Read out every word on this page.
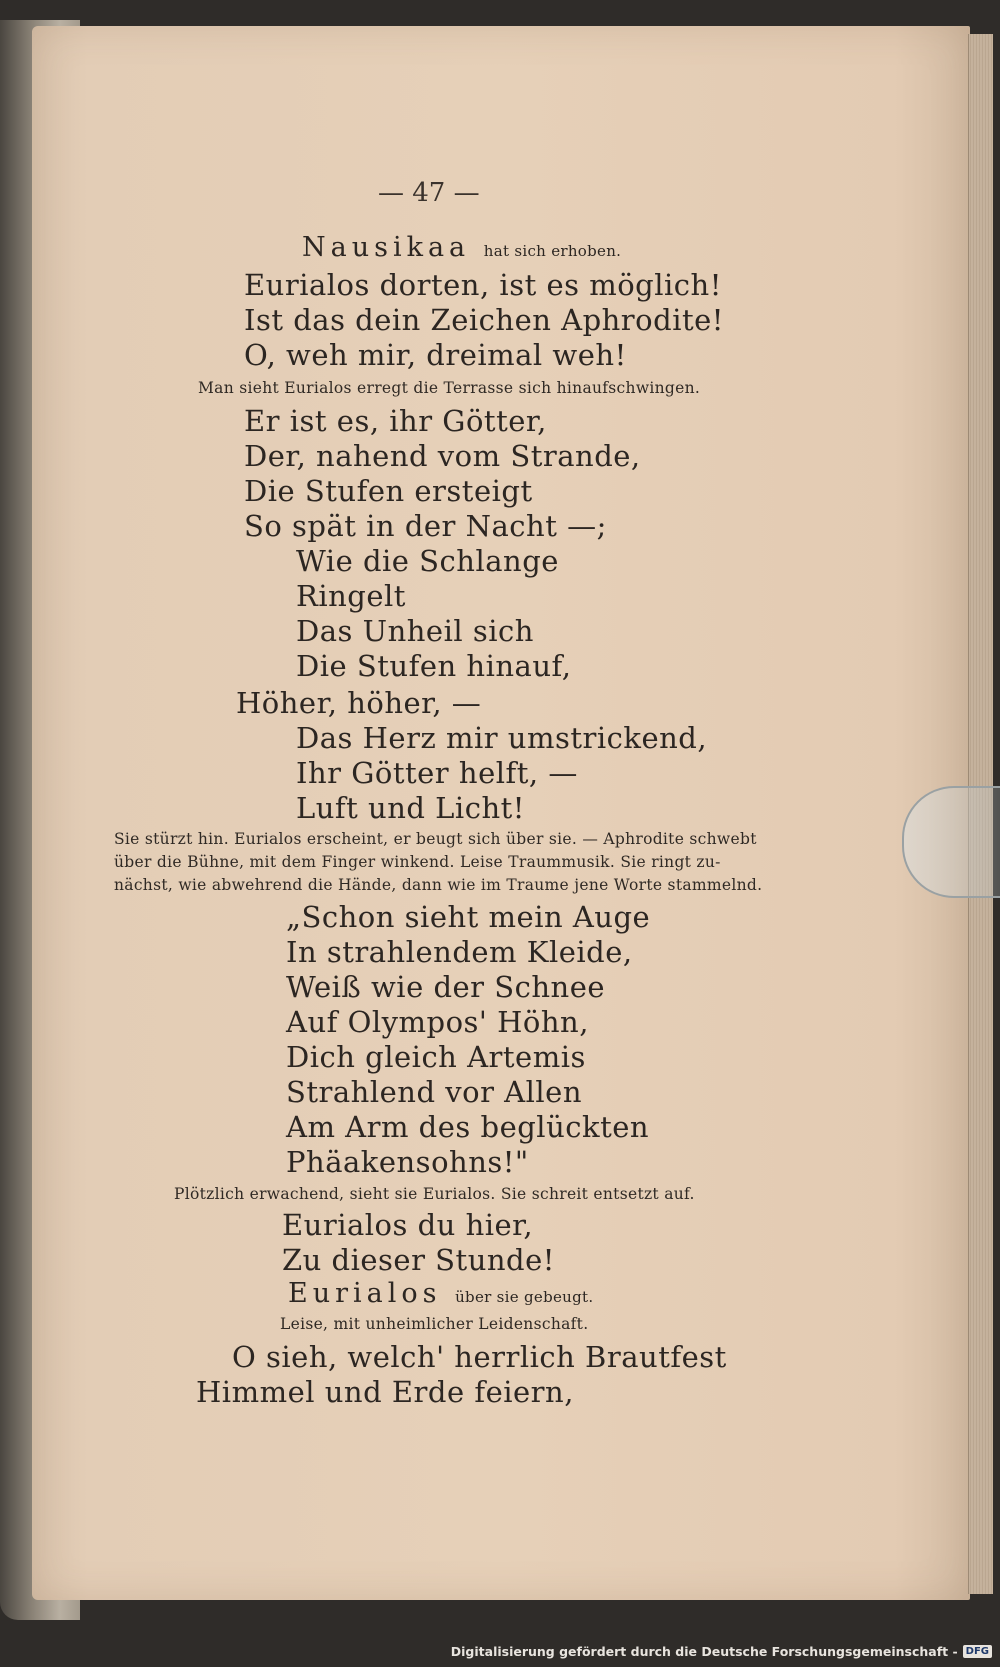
— 47 —
Nausikaa hat sich erhoben.
Eurialos dorten, ist es möglich!
Ist das dein Zeichen Aphrodite!
O, weh mir, dreimal weh!
Man sieht Eurialos erregt die Terrasse sich hinaufschwingen.
Er ist es, ihr Götter,
Der, nahend vom Strande,
Die Stufen ersteigt
So spät in der Nacht —;
Wie die Schlange
Ringelt
Das Unheil sich
Die Stufen hinauf,
Höher, höher, —
Das Herz mir umstrickend,
Ihr Götter helft, —
Luft und Licht!
Sie stürzt hin. Eurialos erscheint, er beugt sich über sie. — Aphrodite schwebt
über die Bühne, mit dem Finger winkend. Leise Traummusik. Sie ringt zu-
nächst, wie abwehrend die Hände, dann wie im Traume jene Worte stammelnd.
„Schon sieht mein Auge
In strahlendem Kleide,
Weiß wie der Schnee
Auf Olympos' Höhn,
Dich gleich Artemis
Strahlend vor Allen
Am Arm des beglückten
Phäakensohns!"
Plötzlich erwachend, sieht sie Eurialos. Sie schreit entsetzt auf.
Eurialos du hier,
Zu dieser Stunde!
Eurialos über sie gebeugt.
Leise, mit unheimlicher Leidenschaft.
O sieh, welch' herrlich Brautfest
Himmel und Erde feiern,
Digitalisierung gefördert durch die Deutsche Forschungsgemeinschaft - DFG
